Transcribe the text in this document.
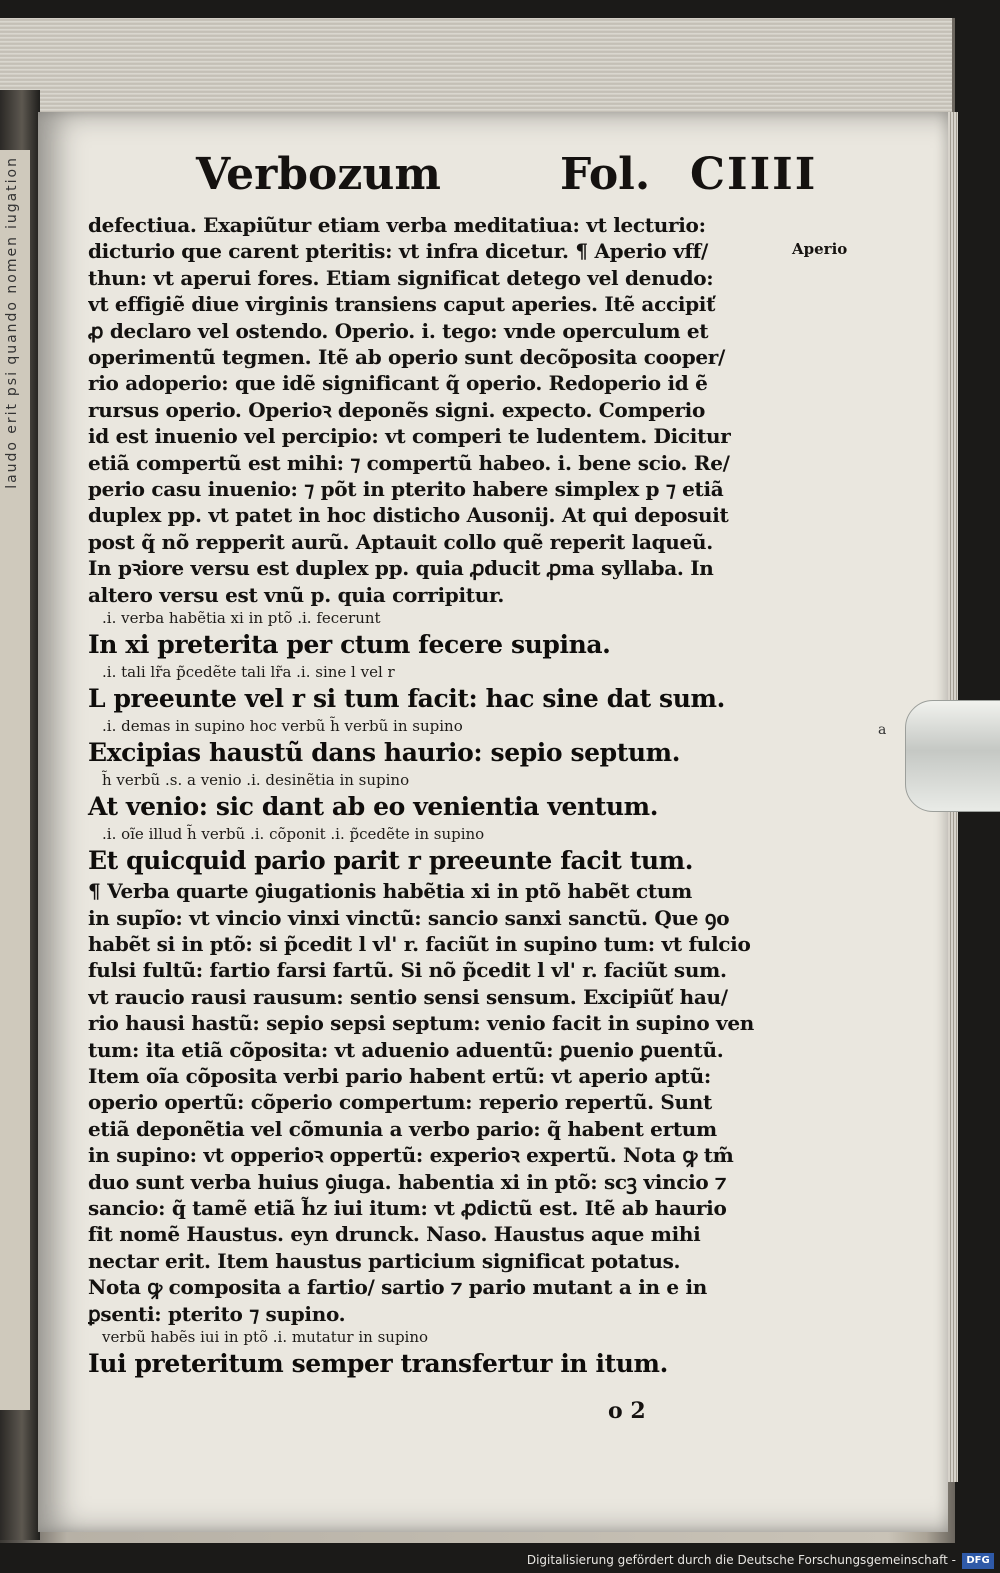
iugation
nomen
quando
psi
erit
laudo
Verbozum	Fol. CIIII
Aperio
defectiua. Exapiũtur etiam verba meditatiua: vt lecturio:
dicturio que carent pteritis: vt infra dicetur. ¶ Aperio vff/
thun: vt aperui fores. Etiam significat detego vel denudo:
vt effigiẽ diue virginis transiens caput aperies. Itẽ accipiť
ꝓ declaro vel ostendo. Operio. i. tego: vnde operculum et
operimentũ tegmen. Itẽ ab operio sunt decõposita cooper/
rio adoperio: que idẽ significant q̃ operio. Redoperio id ẽ
rursus operio. Operioꝛ deponẽs signi. expecto. Comperio
id est inuenio vel percipio: vt comperi te ludentem. Dicitur
etiã compertũ est mihi: ⁊ compertũ habeo. i. bene scio. Re/
perio casu inuenio: ⁊ põt in pterito habere simplex p ⁊ etiã
duplex pp. vt patet in hoc disticho Ausonij. At qui deposuit
post q̃ nõ repperit aurũ. Aptauit collo quẽ reperit laqueũ.
In pꝛiore versu est duplex pp. quia ꝓducit ꝓma syllaba. In
altero versu est vnũ p. quia corripitur.
.i. verba habẽtia xi in ptõ .i. fecerunt
In xi preterita per ctum fecere supina.
.i. tali lr̃a p̃cedẽte tali lr̃a .i. sine l vel r
L preeunte vel r si tum facit: hac sine dat sum.
.i. demas in supino hoc verbũ h̃ verbũ in supino
Excipias haustũ dans haurio: sepio septum.
h̃ verbũ .s. a venio .i. desinẽtia in supino
At venio: sic dant ab eo venientia ventum.
.i. oĩe illud h̃ verbũ .i. cõponit .i. p̃cedẽte in supino
Et quicquid pario parit r preeunte facit tum.
¶ Verba quarte ꝯiugationis habẽtia xi in ptõ habẽt ctum
in supĩo: vt vincio vinxi vinctũ: sancio sanxi sanctũ. Que ꝯo
habẽt si in ptõ: si p̃cedit l vl' r. faciũt in supino tum: vt fulcio
fulsi fultũ: fartio farsi fartũ. Si nõ p̃cedit l vl' r. faciũt sum.
vt raucio rausi rausum: sentio sensi sensum. Excipiũť hau/
rio hausi hastũ: sepio sepsi septum: venio facit in supino ven
tum: ita etiã cõposita: vt aduenio aduentũ: ꝑuenio ꝑuentũ.
Item oĩa cõposita verbi pario habent ertũ: vt aperio aptũ:
operio opertũ: cõperio compertum: reperio repertũ. Sunt
etiã deponẽtia vel cõmunia a verbo pario: q̃ habent ertum
in supino: vt opperioꝛ oppertũ: experioꝛ expertũ. Nota ꝙ tm̃
duo sunt verba huius ꝯiuga. habentia xi in ptõ: scꝫ vincio ⁊
sancio: q̃ tamẽ etiã h̃z iui itum: vt ꝓdictũ est. Itẽ ab haurio
fit nomẽ Haustus. eyn drunck. Naso. Haustus aque mihi
nectar erit. Item haustus particium significat potatus.
Nota ꝙ composita a fartio/ sartio ⁊ pario mutant a in e in
ꝑsenti: pterito ⁊ supino.
verbũ habẽs iui in ptõ .i. mutatur in supino
Iui preteritum semper transfertur in itum.
o 2
a
Digitalisierung gefördert durch die Deutsche Forschungsgemeinschaft -	DFG
